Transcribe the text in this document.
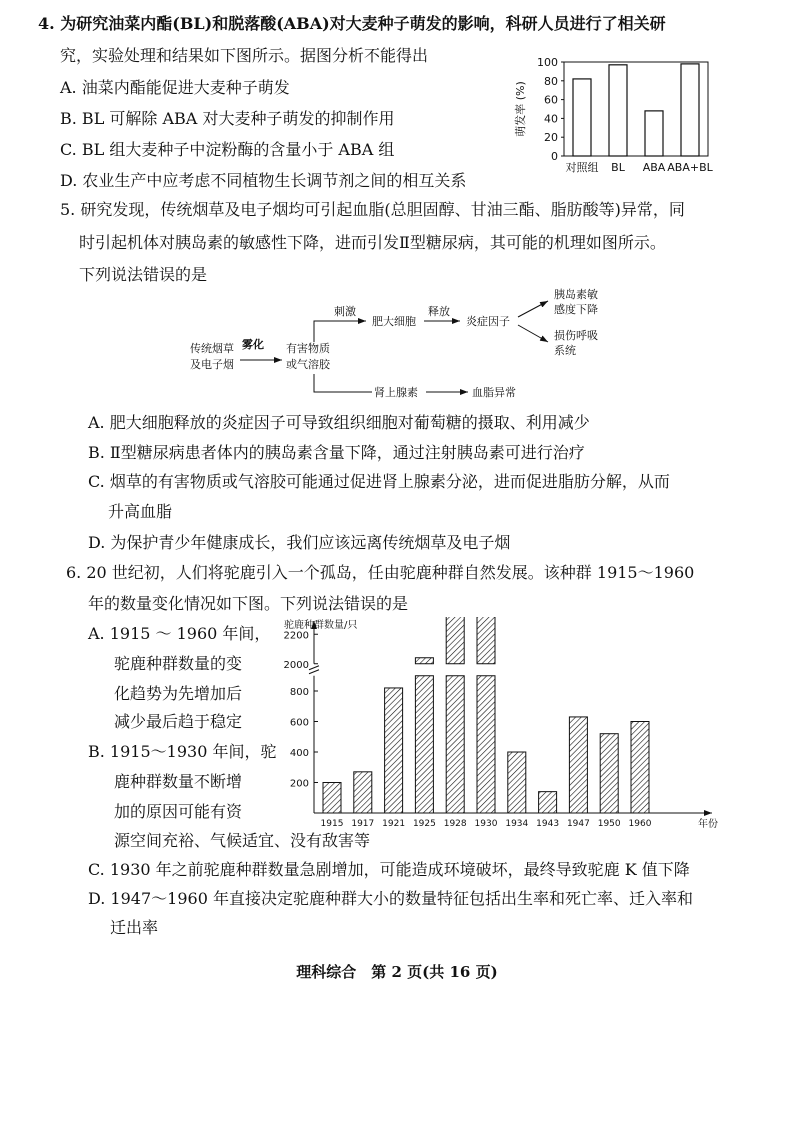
4. 为研究油菜内酯(BL)和脱落酸(ABA)对大麦种子萌发的影响，科研人员进行了相关研
究，实验处理和结果如下图所示。据图分析不能得出
A. 油菜内酯能促进大麦种子萌发
B. BL 可解除 ABA 对大麦种子萌发的抑制作用
C. BL 组大麦种子中淀粉酶的含量小于 ABA 组
D. 农业生产中应考虑不同植物生长调节剂之间的相互关系
0
20
40
60
80
100
萌发率 (%)
对照组 BL ABA ABA+BL
5. 研究发现，传统烟草及电子烟均可引起血脂(总胆固醇、甘油三酯、脂肪酸等)异常，同
时引起机体对胰岛素的敏感性下降，进而引发Ⅱ型糖尿病，其可能的机理如图所示。
下列说法错误的是
传统烟草
及电子烟
雾化 有害物质
或气溶胶
刺激
肥大细胞
释放
炎症因子
胰岛素敏
感度下降
损伤呼吸
系统
肾上腺素	血脂异常
A. 肥大细胞释放的炎症因子可导致组织细胞对葡萄糖的摄取、利用减少
B. Ⅱ型糖尿病患者体内的胰岛素含量下降，通过注射胰岛素可进行治疗
C. 烟草的有害物质或气溶胶可能通过促进肾上腺素分泌，进而促进脂肪分解，从而
升高血脂
D. 为保护青少年健康成长，我们应该远离传统烟草及电子烟
6. 20 世纪初，人们将驼鹿引入一个孤岛，任由驼鹿种群自然发展。该种群 1915～1960
年的数量变化情况如下图。下列说法错误的是
A. 1915 ～ 1960 年间，
驼鹿种群数量的变
化趋势为先增加后
减少最后趋于稳定
B. 1915～1930 年间，驼
鹿种群数量不断增
加的原因可能有资
源空间充裕、气候适宜、没有敌害等
驼鹿种群数量/只
年份
200
400
600
800
2000
2200
1915 1917 1921 1925 1928 1930 1934 1943 1947 1950 1960
C. 1930 年之前驼鹿种群数量急剧增加，可能造成环境破坏，最终导致驼鹿 K 值下降
D. 1947～1960 年直接决定驼鹿种群大小的数量特征包括出生率和死亡率、迁入率和
迁出率
理科综合　第 2 页(共 16 页)
